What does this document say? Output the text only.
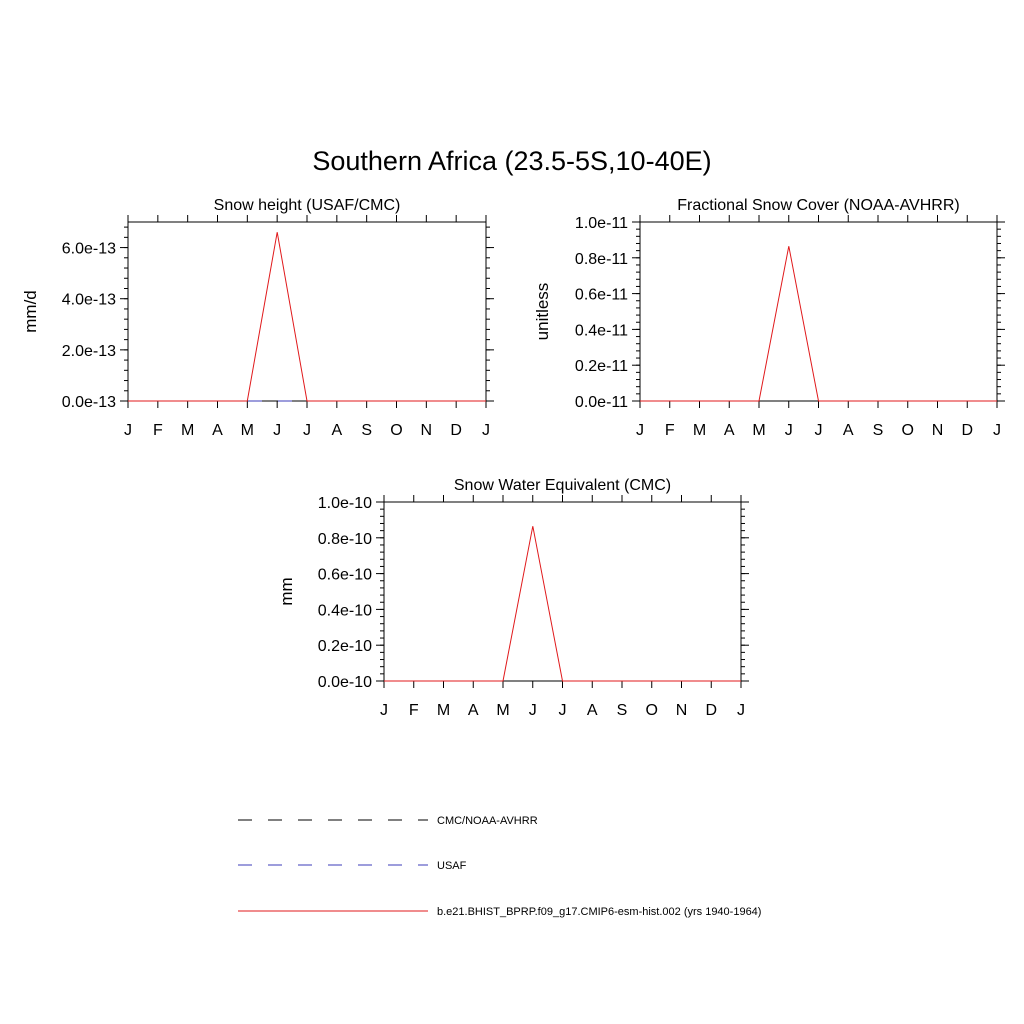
Southern Africa (23.5-5S,10-40E)
J F M A M J J A S O N D J
0.0e-13
2.0e-13
4.0e-13
6.0e-13
Snow height (USAF/CMC)
mm/d
J F M A M J J A S O N D J
0.0e-11
0.2e-11
0.4e-11
0.6e-11
0.8e-11
1.0e-11
Fractional Snow Cover (NOAA-AVHRR)
unitless
J F M A M J J A S O N D J
0.0e-10
0.2e-10
0.4e-10
0.6e-10
0.8e-10
1.0e-10
Snow Water Equivalent (CMC)
mm
CMC/NOAA-AVHRR
USAF
b.e21.BHIST_BPRP.f09_g17.CMIP6-esm-hist.002 (yrs 1940-1964)
